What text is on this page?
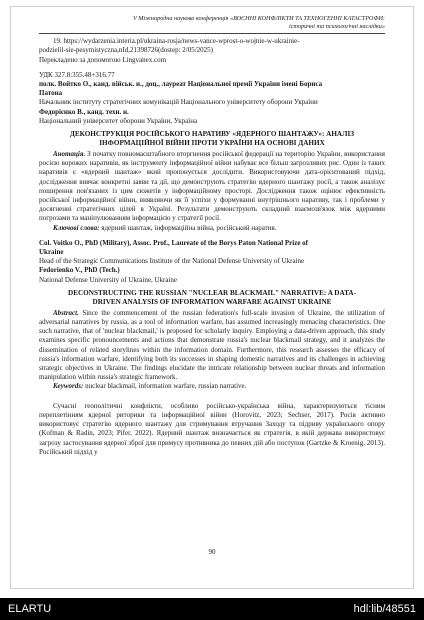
V Міжнародна наукова конференція «ВОЄННІ КОНФЛІКТИ ТА ТЕХНОГЕННІ КАТАСТРОФИ:
історичні та психологічні наслідки»
19. https://wydarzenia.interia.pl/ukraina-rosja/news-vance-wprost-o-wojnie-w-ukrainie-
podzielil-sie-pesymistyczna,nId,21398726(dostep: 2/05/2025)
Перекладено за допомогою Lingvanex.com
УДК 327.8:355.48+316.77
полк. Войтко О., канд. військ. н., доц., лауреат Національної премії України імені Бориса
Патона
Начальник інституту стратегічних комунікацій Національного університету оборони України
Федорієнко В., канд. техн. н.
Національний університет оборони України, Україна
ДЕКОНСТРУКЦІЯ РОСІЙСЬКОГО НАРАТИВУ «ЯДЕРНОГО ШАНТАЖУ»: АНАЛІЗ
ІНФОРМАЦІЙНОЇ ВІЙНИ ПРОТИ УКРАЇНИ НА ОСНОВІ ДАНИХ
Анотація. З початку повномасштабного вторгнення російської федерації на територію України, використання росією ворожих наративів, як інструменту інформаційної війни набуває все більш загрозливих рис. Один із таких наративів є «ядерний шантаж» який пропонується дослідити. Використовуючи дата-орієнтований підхід, дослідження вивчає конкретні заяви та дії, що демонструють стратегію ядерного шантажу росії, а також аналізує поширення пов'язаних із цим сюжетів у інформаційному просторі. Дослідження також оцінює ефективність російської інформаційної війни, виявляючи як її успіхи у формуванні внутрішнього наративу, так і проблеми у досягненні стратегічних цілей в Україні. Результати демонструють складний взаємозв'язок між ядерними погрозами та маніпулюванням інформацією у стратегії росії.
Ключові слова: ядерний шантаж, інформаційна війна, російський наратив.
Col. Voitko O., PhD (Military), Assoc. Prof., Laureate of the Borys Paton National Prize of
Ukraine
Head of the Strategic Communications Institute of the National Defense University of Ukraine
Fedorienko V., PhD (Tech.)
National Defense University of Ukraine, Ukraine
DECONSTRUCTING THE RUSSIAN "NUCLEAR BLACKMAIL" NARRATIVE: A DATA-
DRIVEN ANALYSIS OF INFORMATION WARFARE AGAINST UKRAINE
Abstract. Since the commencement of the russian federation's full-scale invasion of Ukraine, the utilization of adversarial narratives by russia, as a tool of information warfare, has assumed increasingly menacing characteristics. One such narrative, that of 'nuclear blackmail,' is proposed for scholarly inquiry. Employing a data-driven approach, this study examines specific pronouncements and actions that demonstrate russia's nuclear blackmail strategy, and it analyzes the dissemination of related storylines within the information domain. Furthermore, this research assesses the efficacy of russia's information warfare, identifying both its successes in shaping domestic narratives and its challenges in achieving strategic objectives in Ukraine. The findings elucidate the intricate relationship between nuclear threats and information manipulation within russia's strategic framework.
Keywords: nuclear blackmail, information warfare, russian narrative.
Сучасні геополітичні конфлікти, особливо російсько-українська війна, характеризуються тісним переплетінням ядерної риторики та інформаційної війни (Horovitz, 2023; Sechser, 2017). Росія активно використовує стратегію ядерного шантажу для стримування втручання Заходу та підриву українського опору (Kofman & Radin, 2023; Pifer, 2022). Ядерний шантаж визначається як стратегія, в якій держава використовує загрозу застосування ядерної зброї для примусу противника до певних дій або поступок (Gartzke & Kroenig, 2013). Російський підхід у
90
ELARTU	hdl:lib/48551
